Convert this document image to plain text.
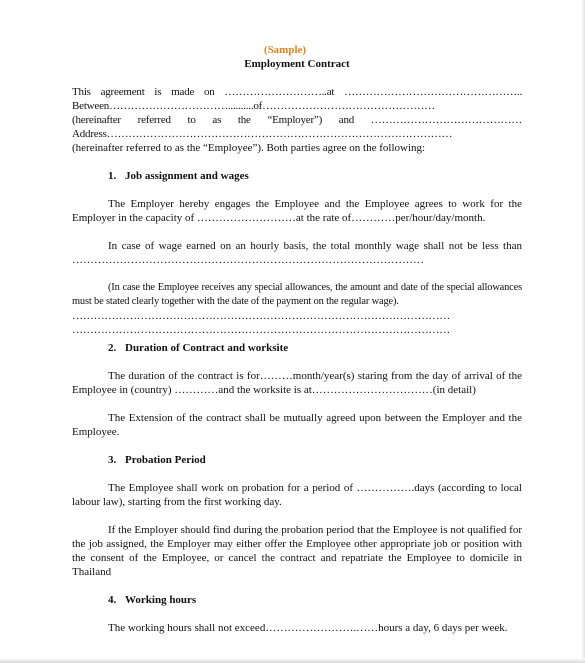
(Sample)
Employment Contract
This agreement is made on ………………………..at …………………………………………..
Between……………………………..........of…………………………………………
(hereinafter referred to as the “Employer”) and ……………………………………
Address……………………………………………………………………………………
(hereinafter referred to as the “Employee”). Both parties agree on the following:
1. Job assignment and wages

The Employer hereby engages the Employee and the Employee agrees to work for the Employer in the capacity of ………………………at the rate of…………per/hour/day/month.

In case of wage earned on an hourly basis, the total monthly wage shall not be less than ……………………………………………………………………………………

(In case the Employee receives any special allowances, the amount and date of the special allowances must be stated clearly together with the date of the payment on the regular wage).

……………………………………………………………………………………………
……………………………………………………………………………………………
2. Duration of Contract and worksite

The duration of the contract is for………month/year(s) staring from the day of arrival of the Employee in (country) …………and the worksite is at……………………………(in detail)

The Extension of the contract shall be mutually agreed upon between the Employer and the Employee.

3. Probation Period

The Employee shall work on probation for a period of …………….days (according to local labour law), starting from the first working day.

If the Employer should find during the probation period that the Employee is not qualified for the job assigned, the Employer may either offer the Employee other appropriate job or position with the consent of the Employee, or cancel the contract and repatriate the Employee to domicile in Thailand

4. Working hours

The working hours shall not exceed…………………….……hours a day, 6 days per week.
